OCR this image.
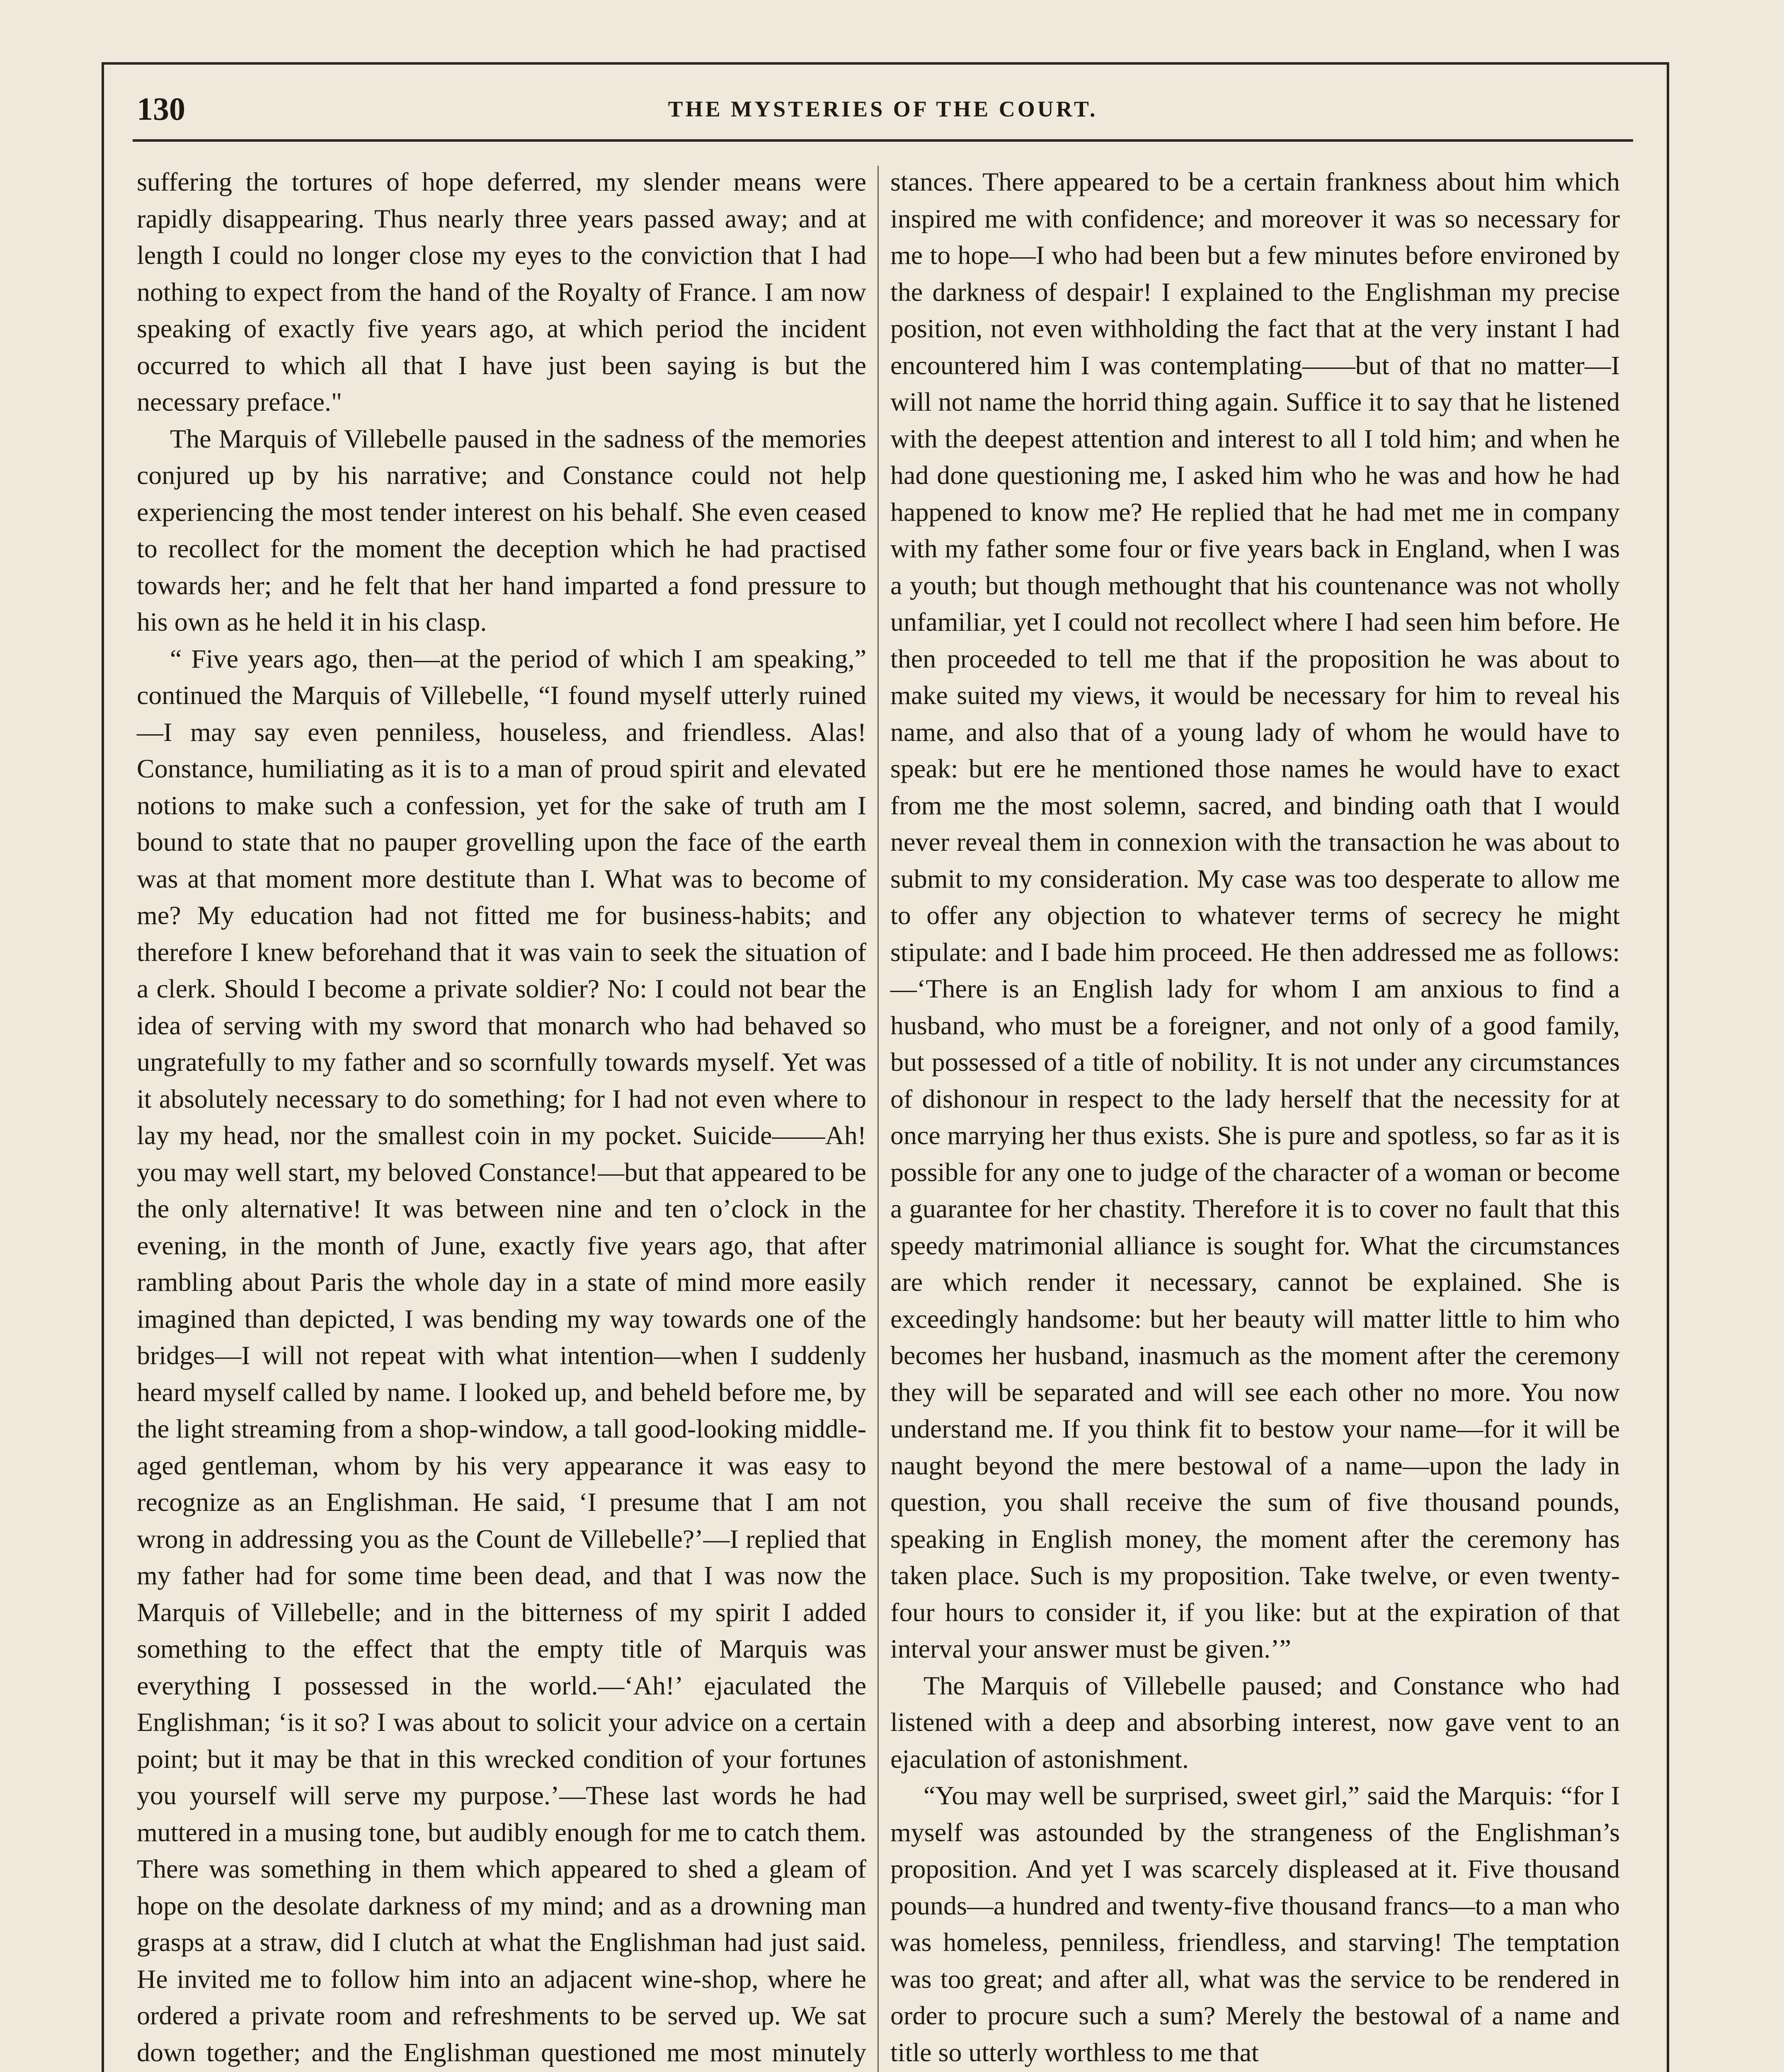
130	THE MYSTERIES OF THE COURT.

suffering the tortures of hope deferred, my slender means were rapidly disappearing. Thus nearly three years passed away; and at length I could no longer close my eyes to the conviction that I had nothing to expect from the hand of the Royalty of France. I am now speaking of exactly five years ago, at which period the incident occurred to which all that I have just been saying is but the necessary preface."

The Marquis of Villebelle paused in the sadness of the memories conjured up by his narrative; and Constance could not help experiencing the most tender interest on his behalf. She even ceased to recollect for the moment the deception which he had practised towards her; and he felt that her hand imparted a fond pressure to his own as he held it in his clasp.

“ Five years ago, then—at the period of which I am speaking,” continued the Marquis of Villebelle, “I found myself utterly ruined—I may say even penniless, houseless, and friendless. Alas! Constance, humiliating as it is to a man of proud spirit and elevated notions to make such a confession, yet for the sake of truth am I bound to state that no pauper grovelling upon the face of the earth was at that moment more destitute than I. What was to become of me? My education had not fitted me for business-habits; and therefore I knew beforehand that it was vain to seek the situation of a clerk. Should I become a private soldier? No: I could not bear the idea of serving with my sword that monarch who had behaved so ungratefully to my father and so scornfully towards myself. Yet was it absolutely necessary to do something; for I had not even where to lay my head, nor the smallest coin in my pocket. Suicide——Ah! you may well start, my beloved Constance!—but that appeared to be the only alternative! It was between nine and ten o’clock in the evening, in the month of June, exactly five years ago, that after rambling about Paris the whole day in a state of mind more easily imagined than depicted, I was bending my way towards one of the bridges—I will not repeat with what intention—when I suddenly heard myself called by name. I looked up, and beheld before me, by the light streaming from a shop-window, a tall good-looking middle-aged gentleman, whom by his very appearance it was easy to recognize as an Englishman. He said, ‘I presume that I am not wrong in addressing you as the Count de Villebelle?’—I replied that my father had for some time been dead, and that I was now the Marquis of Villebelle; and in the bitterness of my spirit I added something to the effect that the empty title of Marquis was everything I possessed in the world.—‘Ah!’ ejaculated the Englishman; ‘is it so? I was about to solicit your advice on a certain point; but it may be that in this wrecked condition of your fortunes you yourself will serve my purpose.’—These last words he had muttered in a musing tone, but audibly enough for me to catch them. There was something in them which appeared to shed a gleam of hope on the desolate darkness of my mind; and as a drowning man grasps at a straw, did I clutch at what the Englishman had just said. He invited me to follow him into an adjacent wine-shop, where he ordered a private room and refreshments to be served up. We sat down together; and the Englishman questioned me most minutely

stances. There appeared to be a certain frankness about him which inspired me with confidence; and moreover it was so necessary for me to hope—I who had been but a few minutes before environed by the darkness of despair! I explained to the Englishman my precise position, not even withholding the fact that at the very instant I had encountered him I was contemplating——but of that no matter—I will not name the horrid thing again. Suffice it to say that he listened with the deepest attention and interest to all I told him; and when he had done questioning me, I asked him who he was and how he had happened to know me? He replied that he had met me in company with my father some four or five years back in England, when I was a youth; but though methought that his countenance was not wholly unfamiliar, yet I could not recollect where I had seen him before. He then proceeded to tell me that if the proposition he was about to make suited my views, it would be necessary for him to reveal his name, and also that of a young lady of whom he would have to speak: but ere he mentioned those names he would have to exact from me the most solemn, sacred, and binding oath that I would never reveal them in connexion with the transaction he was about to submit to my consideration. My case was too desperate to allow me to offer any objection to whatever terms of secrecy he might stipulate: and I bade him proceed. He then addressed me as follows:—‘There is an English lady for whom I am anxious to find a husband, who must be a foreigner, and not only of a good family, but possessed of a title of nobility. It is not under any circumstances of dishonour in respect to the lady herself that the necessity for at once marrying her thus exists. She is pure and spotless, so far as it is possible for any one to judge of the character of a woman or become a guarantee for her chastity. Therefore it is to cover no fault that this speedy matrimonial alliance is sought for. What the circumstances are which render it necessary, cannot be explained. She is exceedingly handsome: but her beauty will matter little to him who becomes her husband, inasmuch as the moment after the ceremony they will be separated and will see each other no more. You now understand me. If you think fit to bestow your name—for it will be naught beyond the mere bestowal of a name—upon the lady in question, you shall receive the sum of five thousand pounds, speaking in English money, the moment after the ceremony has taken place. Such is my proposition. Take twelve, or even twenty-four hours to consider it, if you like: but at the expiration of that interval your answer must be given.’”

The Marquis of Villebelle paused; and Constance who had listened with a deep and absorbing interest, now gave vent to an ejaculation of astonishment.

“You may well be surprised, sweet girl,” said the Marquis: “for I myself was astounded by the strangeness of the Englishman’s proposition. And yet I was scarcely displeased at it. Five thousand pounds—a hundred and twenty-five thousand francs—to a man who was homeless, penniless, friendless, and starving! The temptation was too great; and after all, what was the service to be rendered in order to procure such a sum? Merely the bestowal of a name and title so utterly worthless to me that
